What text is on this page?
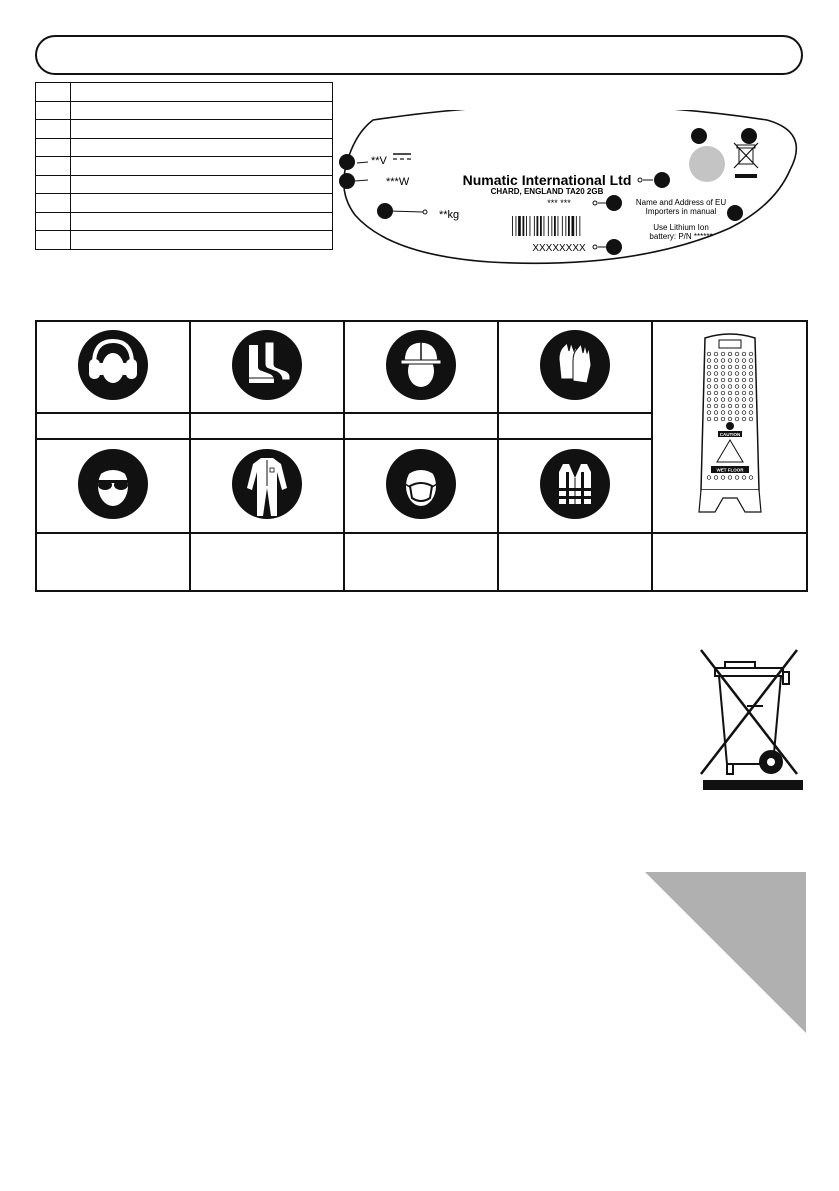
**V
***W
**kg
Numatic International Ltd
CHARD, ENGLAND TA20 2GB
*** ***	Name and Address of EU
Importers in manual
Use Lithium Ion
battery: P/N ******
XXXXXXXX

CAUTION
WET FLOOR
